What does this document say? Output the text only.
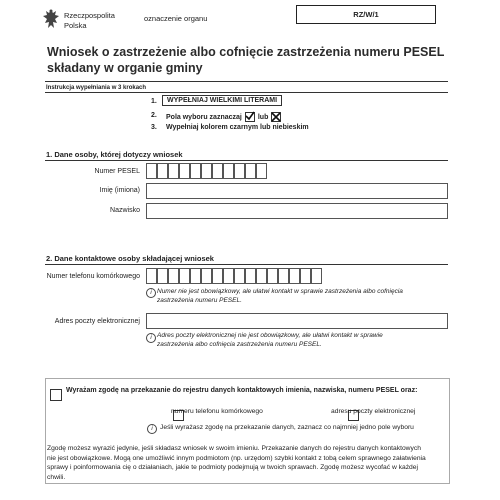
Rzeczpospolita
Polska
oznaczenie organu	RZ/W/1
Wniosek o zastrzeżenie albo cofnięcie zastrzeżenia numeru PESEL
składany w organie gminy
Instrukcja wypełniania w 3 krokach
1.	WYPEŁNIAJ WIELKIMI LITERAMI
2. Pola wyboru zaznaczaj lub
3. Wypełniaj kolorem czarnym lub niebieskim
1. Dane osoby, której dotyczy wniosek
Numer PESEL
Imię (imiona)
Nazwisko
2. Dane kontaktowe osoby składającej wniosek
Numer telefonu komórkowego
i Numer nie jest obowiązkowy, ale ułatwi kontakt w sprawie zastrzeżenia albo cofnięcia
zastrzeżenia numeru PESEL.
Adres poczty elektronicznej
i Adres poczty elektronicznej nie jest obowiązkowy, ale ułatwi kontakt w sprawie
zastrzeżenia albo cofnięcia zastrzeżenia numeru PESEL.

Wyrażam zgodę na przekazanie do rejestru danych kontaktowych imienia, nazwiska, numeru PESEL oraz:

numeru telefonu komórkowego	adresu poczty elektronicznej
i	Jeśli wyrażasz zgodę na przekazanie danych, zaznacz co najmniej jedno pole wyboru
Zgodę możesz wyrazić jedynie, jeśli składasz wniosek w swoim imieniu. Przekazanie danych do rejestru danych kontaktowych
nie jest obowiązkowe. Mogą one umożliwić innym podmiotom (np. urzędom) szybki kontakt z tobą celem sprawnego załatwienia
sprawy i poinformowania cię o działaniach, jakie te podmioty podejmują w twoich sprawach. Zgodę możesz wycofać w każdej
chwili.
